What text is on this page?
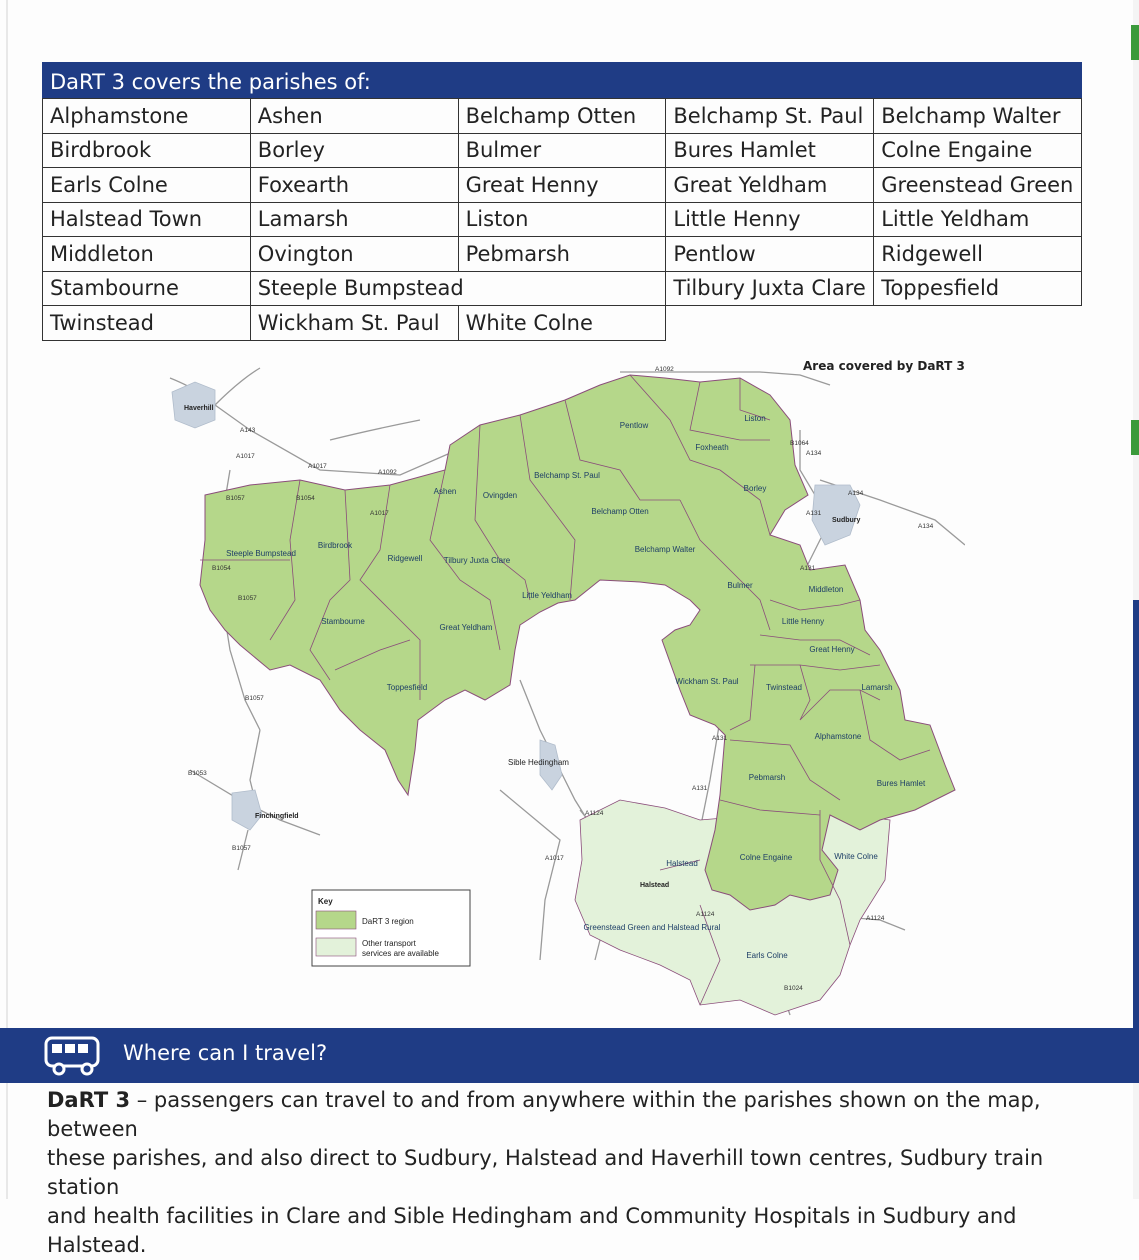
DaRT 3 covers the parishes of:
Alphamstone	Ashen	Belchamp Otten	Belchamp St. Paul	Belchamp Walter
Birdbrook	Borley	Bulmer	Bures Hamlet	Colne Engaine
Earls Colne	Foxearth	Great Henny	Great Yeldham	Greenstead Green
Halstead Town	Lamarsh	Liston	Little Henny	Little Yeldham
Middleton	Ovington	Pebmarsh	Pentlow	Ridgewell
Stambourne	Steeple Bumpstead		Tilbury Juxta Clare	Toppesfield
Twinstead	Wickham St. Paul	White Colne		
Area covered by DaRT 3
Pentlow
Liston
Foxheath
Belchamp St. Paul
Borley
Ashen	Ovingden
Belchamp Otten
Steeple Bumpstead
Birdbrook
Ridgewell	Tilbury Juxta Clare
Belchamp Walter
Little Yeldham
Bulmer	Middleton
Stambourne
Great Yeldham
Little Henny
Great Henny
Toppesfield
Wickham St. Paul
Twinstead	Lamarsh
Alphamstone
Pebmarsh
Bures Hamlet
Halstead
Colne Engaine	White Colne
Greenstead Green and Halstead Rural
Earls Colne
Haverhill
Sudbury
Sible Hedingham
Finchingfield
Halstead
A1092
A143
A1017
B1054
A1017
A1092
B1057
B1054
B1057
B1064
A134
A134
A131
A134
A131
A1017
A131
A1124
A1017
A131
A1124
A1124
B1024
B1057
B1053
B1057
Key
DaRT 3 region
Other transport
services are available
Where can I travel?
DaRT 3 – passengers can travel to and from anywhere within the parishes shown on the map, between
these parishes, and also direct to Sudbury, Halstead and Haverhill town centres, Sudbury train station
and health facilities in Clare and Sible Hedingham and Community Hospitals in Sudbury and Halstead.
